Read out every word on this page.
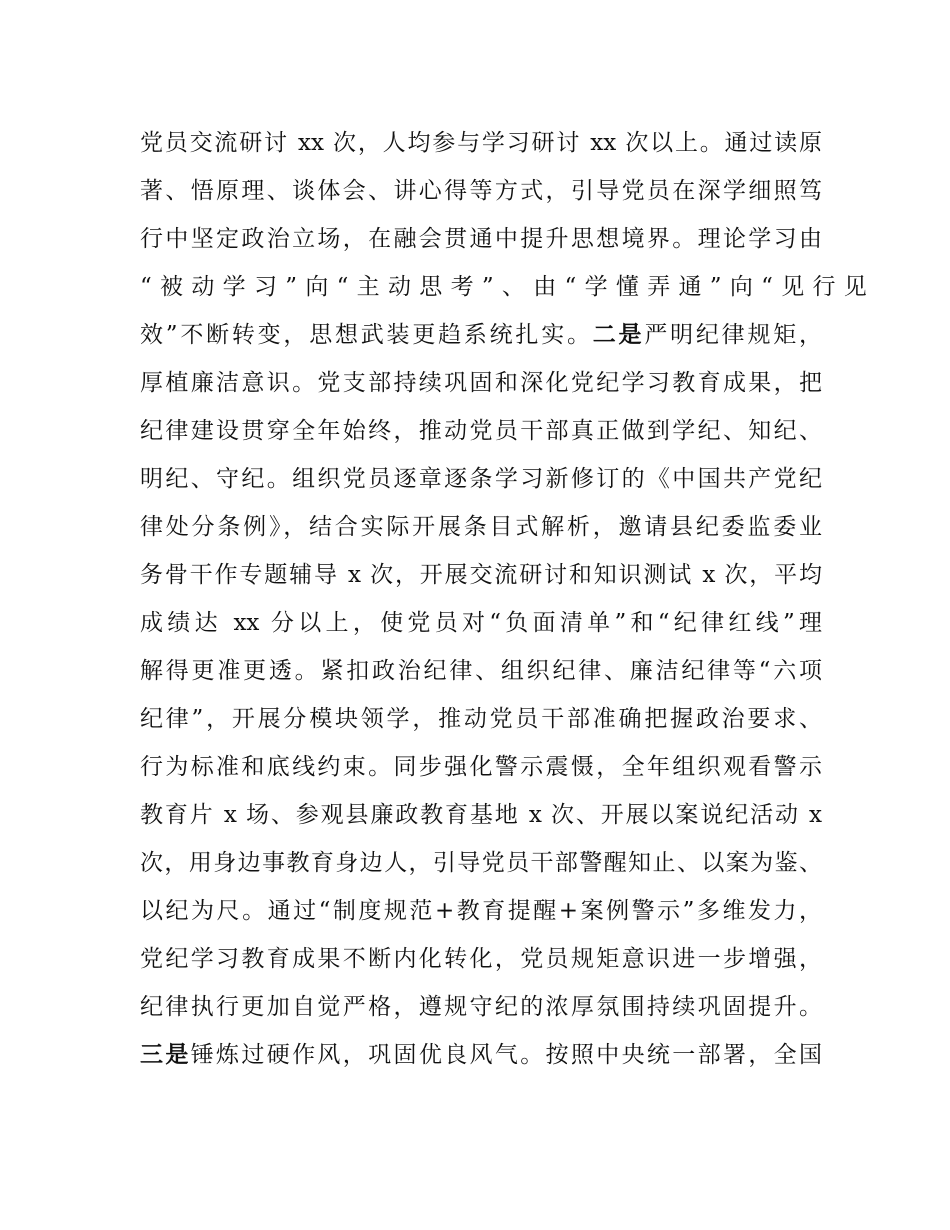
党员交流研讨 xx 次，人均参与学习研讨 xx 次以上。通过读原
著、悟原理、谈体会、讲心得等方式，引导党员在深学细照笃
行中坚定政治立场，在融会贯通中提升思想境界。理论学习由
“被动学习”向“主动思考”、由“学懂弄通”向“见行见
效”不断转变，思想武装更趋系统扎实。二是严明纪律规矩，
厚植廉洁意识。党支部持续巩固和深化党纪学习教育成果，把
纪律建设贯穿全年始终，推动党员干部真正做到学纪、知纪、
明纪、守纪。组织党员逐章逐条学习新修订的《中国共产党纪
律处分条例》，结合实际开展条目式解析，邀请县纪委监委业
务骨干作专题辅导 x 次，开展交流研讨和知识测试 x 次，平均
成绩达 xx 分以上，使党员对“负面清单”和“纪律红线”理
解得更准更透。紧扣政治纪律、组织纪律、廉洁纪律等“六项
纪律”，开展分模块领学，推动党员干部准确把握政治要求、
行为标准和底线约束。同步强化警示震慑，全年组织观看警示
教育片 x 场、参观县廉政教育基地 x 次、开展以案说纪活动 x
次，用身边事教育身边人，引导党员干部警醒知止、以案为鉴、
以纪为尺。通过“制度规范+教育提醒+案例警示”多维发力，
党纪学习教育成果不断内化转化，党员规矩意识进一步增强，
纪律执行更加自觉严格，遵规守纪的浓厚氛围持续巩固提升。
三是锤炼过硬作风，巩固优良风气。按照中央统一部署，全国
